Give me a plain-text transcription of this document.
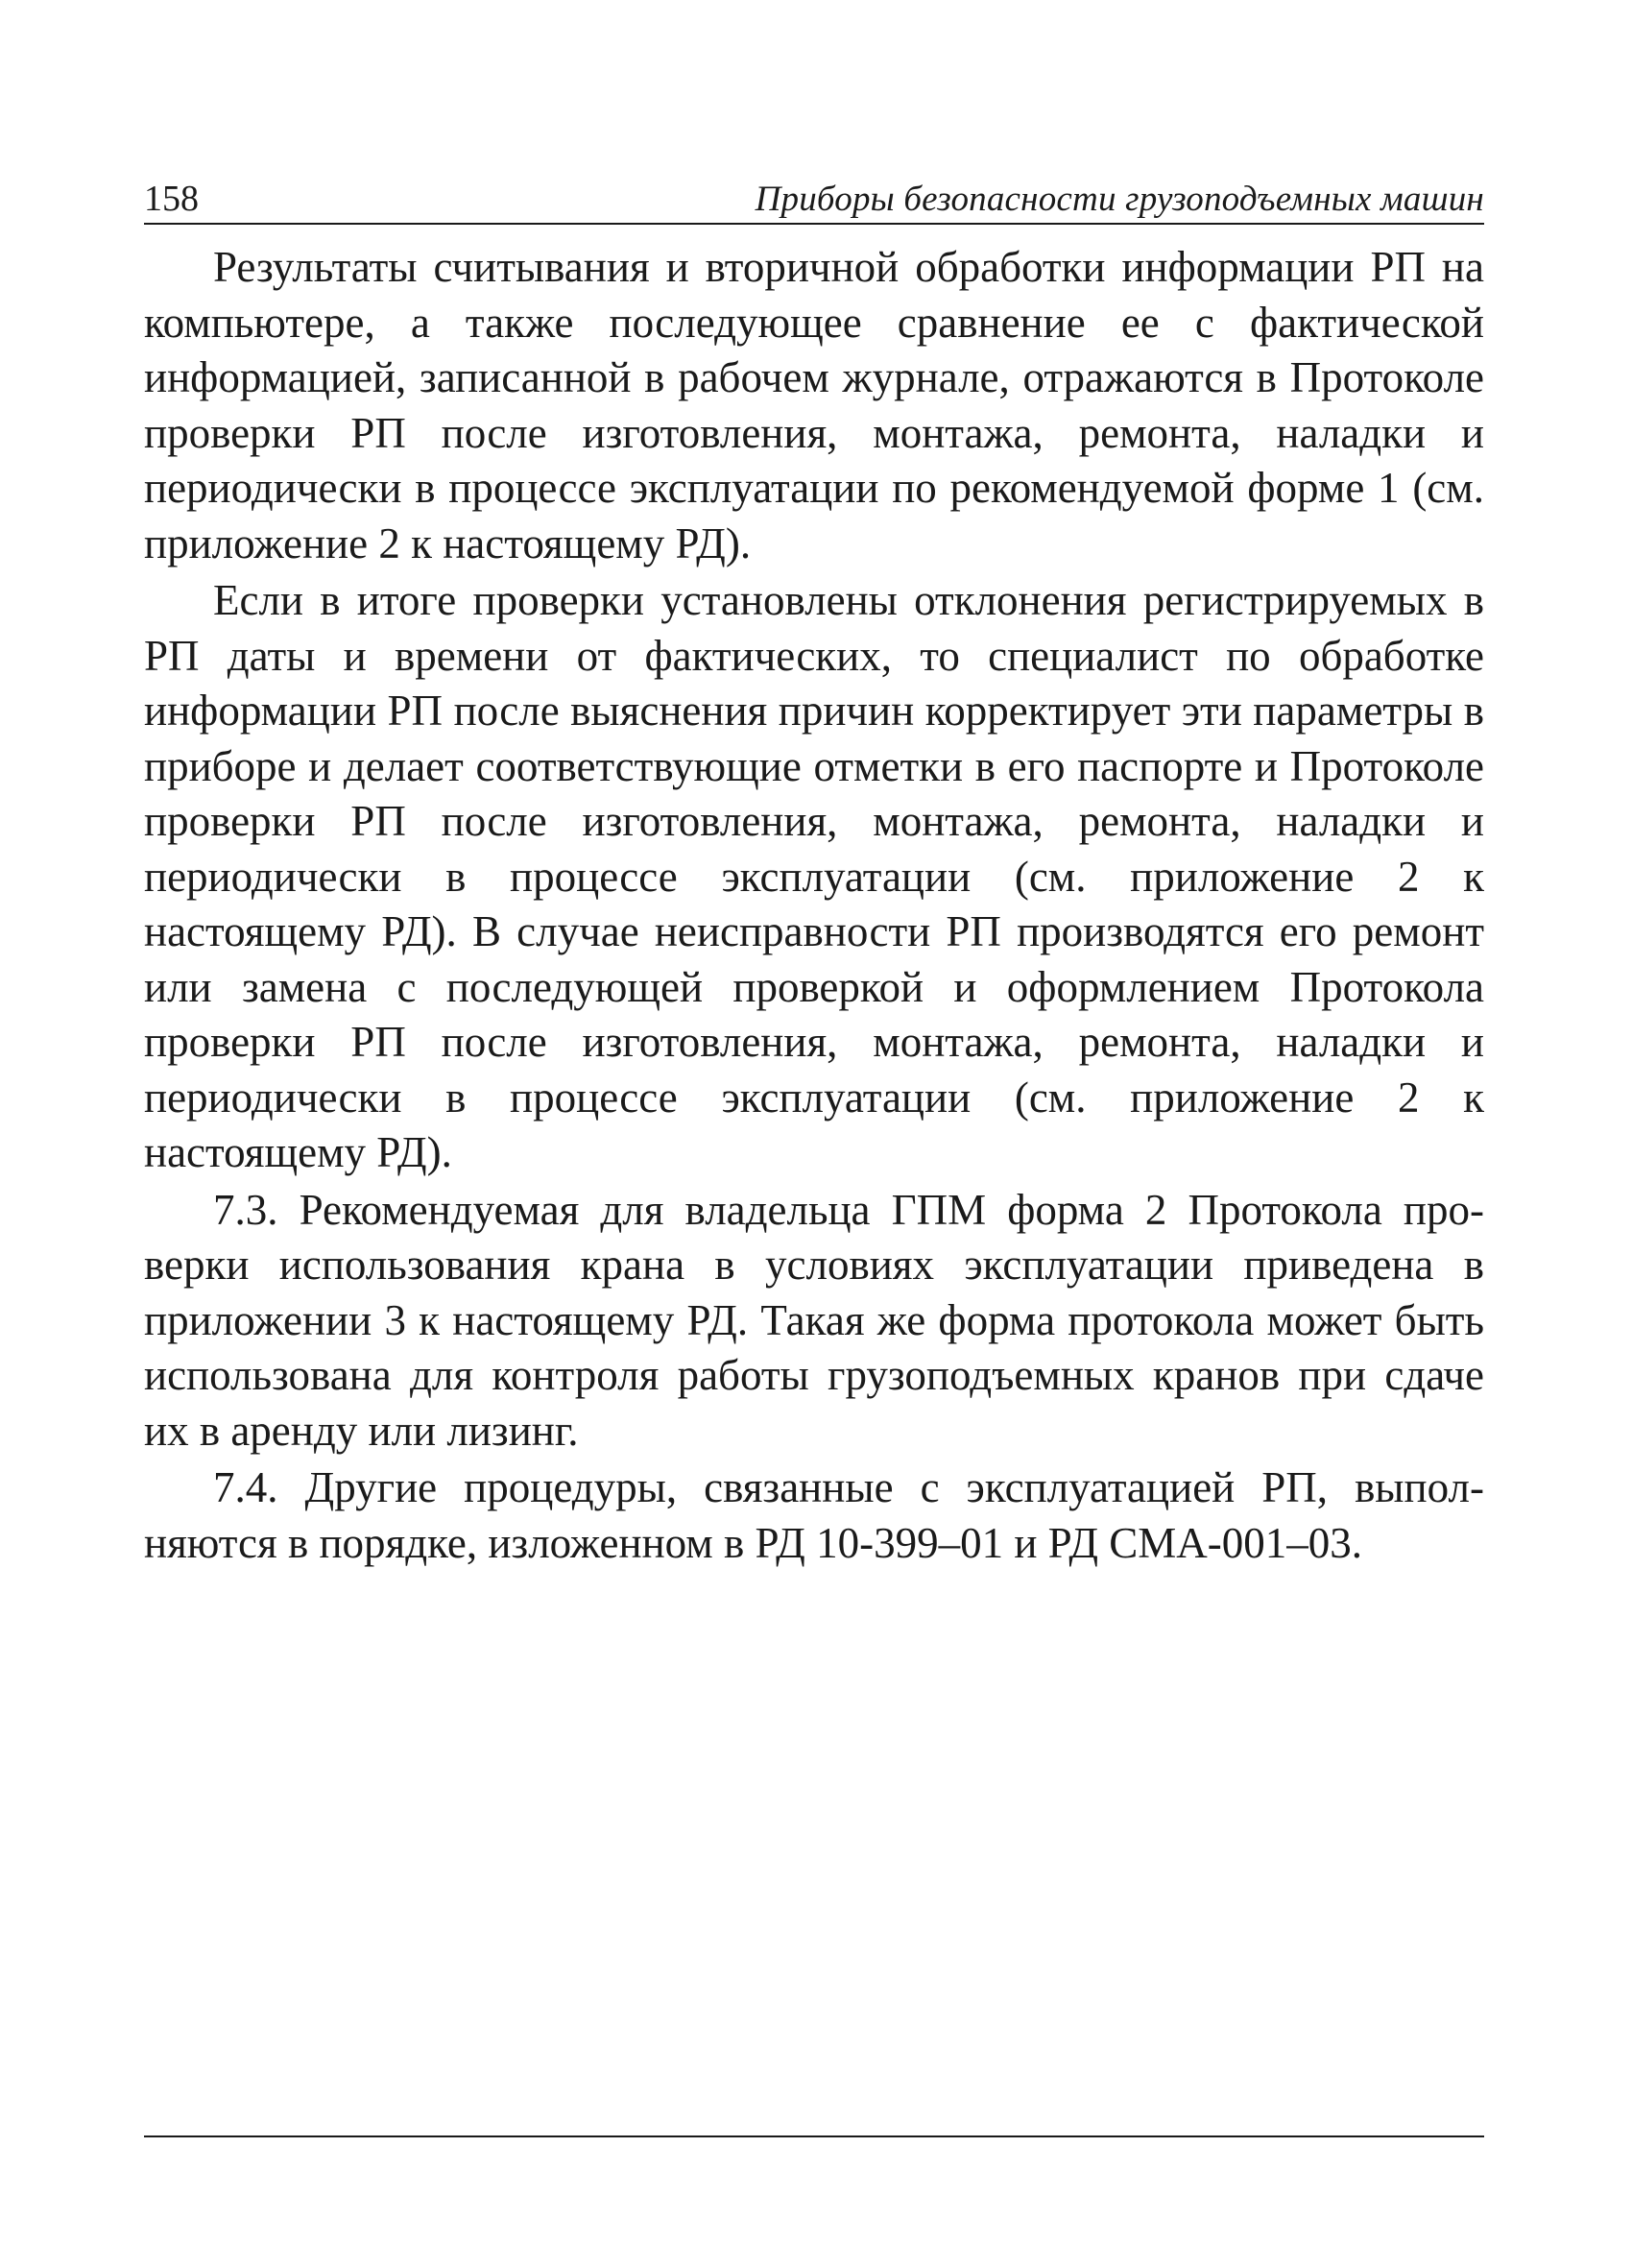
158	Приборы безопасности грузоподъемных машин

Результаты считывания и вторичной обработки информации РП на компьютере, а также последующее сравнение ее с фактической информацией, записанной в рабочем журнале, отражаются в Протоколе проверки РП после изготовления, монтажа, ремонта, наладки и периодически в процессе эксплуатации по рекомендуемой форме 1 (см. приложение 2 к настоящему РД).

Если в итоге проверки установлены отклонения регистрируемых в РП даты и времени от фактических, то специалист по обработке информации РП после выяснения причин корректирует эти параметры в приборе и делает соответствующие отметки в его паспорте и Протоколе проверки РП после изготовления, монтажа, ремонта, наладки и периодически в процессе эксплуатации (см. приложение 2 к настоящему РД). В случае неисправности РП производятся его ремонт или замена с последующей проверкой и оформлением Протокола проверки РП после изготовления, монтажа, ремонта, наладки и периодически в процессе эксплуатации (см. приложение 2 к настоящему РД).

7.3. Рекомендуемая для владельца ГПМ форма 2 Протокола проверки использования крана в условиях эксплуатации приведена в приложении 3 к настоящему РД. Такая же форма протокола может быть использована для контроля работы грузоподъемных кранов при сдаче их в аренду или лизинг.

7.4. Другие процедуры, связанные с эксплуатацией РП, выполняются в порядке, изложенном в РД 10-399–01 и РД СМА-001–03.
